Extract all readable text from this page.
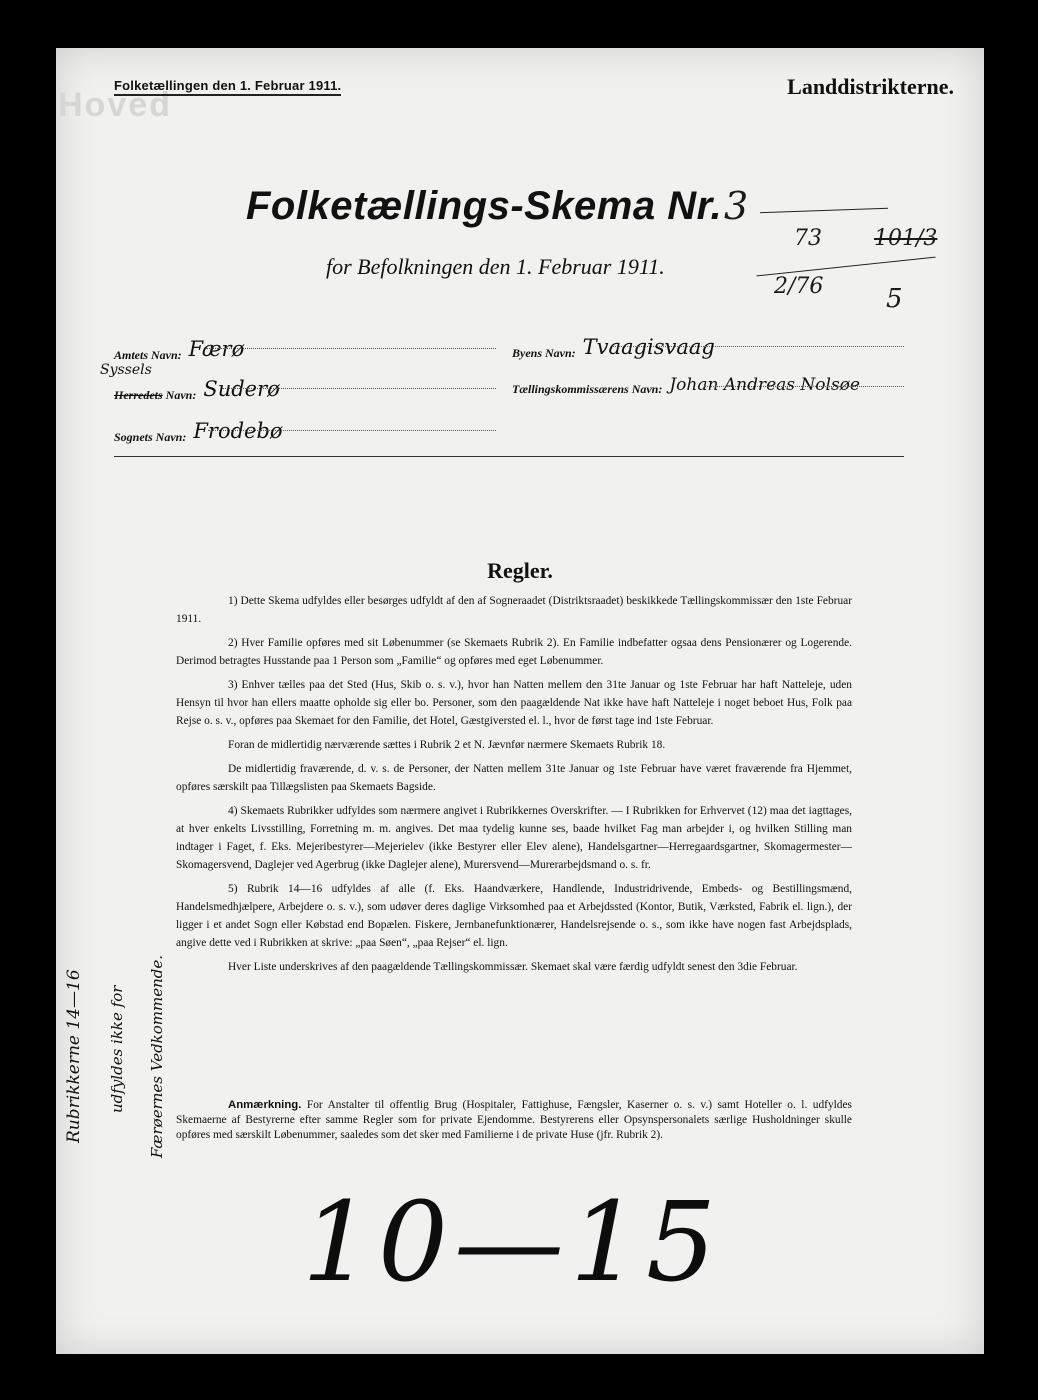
Hoved
Folketællingen den 1. Februar 1911.	Landdistrikterne.
Folketællings-Skema Nr. 3
for Befolkningen den 1. Februar 1911.
73 101/3
2/76 5
Amtets Navn: Færø	Byens Navn: Tvaagisvaag
Syssels
Herredets Navn: Suderø	Tællingskommissærens Navn: Johan Andreas Nolsøe
Sognets Navn: Frodebø
Regler.

1) Dette Skema udfyldes eller besørges udfyldt af den af Sogneraadet (Distriktsraadet) beskikkede Tællingskommissær den 1ste Februar 1911.

2) Hver Familie opføres med sit Løbenummer (se Skemaets Rubrik 2). En Familie indbefatter ogsaa dens Pensionærer og Logerende. Derimod betragtes Husstande paa 1 Person som „Familie“ og opføres med eget Løbenummer.

3) Enhver tælles paa det Sted (Hus, Skib o. s. v.), hvor han Natten mellem den 31te Januar og 1ste Februar har haft Natteleje, uden Hensyn til hvor han ellers maatte opholde sig eller bo. Personer, som den paagældende Nat ikke have haft Natteleje i noget beboet Hus, Folk paa Rejse o. s. v., opføres paa Skemaet for den Familie, det Hotel, Gæstgiversted el. l., hvor de først tage ind 1ste Februar.

Foran de midlertidig nærværende sættes i Rubrik 2 et N. Jævnfør nærmere Skemaets Rubrik 18.

De midlertidig fraværende, d. v. s. de Personer, der Natten mellem 31te Januar og 1ste Februar have været fraværende fra Hjemmet, opføres særskilt paa Tillægslisten paa Skemaets Bagside.

4) Skemaets Rubrikker udfyldes som nærmere angivet i Rubrikkernes Overskrifter. — I Rubrikken for Erhvervet (12) maa det iagttages, at hver enkelts Livsstilling, Forretning m. m. angives. Det maa tydelig kunne ses, baade hvilket Fag man arbejder i, og hvilken Stilling man indtager i Faget, f. Eks. Mejeribestyrer—Mejerielev (ikke Bestyrer eller Elev alene), Handelsgartner—Herregaardsgartner, Skomagermester—Skomagersvend, Daglejer ved Agerbrug (ikke Daglejer alene), Murersvend—Murerarbejdsmand o. s. fr.

5) Rubrik 14—16 udfyldes af alle (f. Eks. Haandværkere, Handlende, Industridrivende, Embeds- og Bestillingsmænd, Handelsmedhjælpere, Arbejdere o. s. v.), som udøver deres daglige Virksomhed paa et Arbejdssted (Kontor, Butik, Værksted, Fabrik el. lign.), der ligger i et andet Sogn eller Købstad end Bopælen. Fiskere, Jernbanefunktionærer, Handelsrejsende o. s., som ikke have nogen fast Arbejdsplads, angive dette ved i Rubrikken at skrive: „paa Søen“, „paa Rejser“ el. lign.

Hver Liste underskrives af den paagældende Tællingskommissær. Skemaet skal være færdig udfyldt senest den 3die Februar.

Anmærkning. For Anstalter til offentlig Brug (Hospitaler, Fattighuse, Fængsler, Kaserner o. s. v.) samt Hoteller o. l. udfyldes Skemaerne af Bestyrerne efter samme Regler som for private Ejendomme. Bestyrerens eller Opsynspersonalets særlige Husholdninger skulle opføres med særskilt Løbenummer, saaledes som det sker med Familierne i de private Huse (jfr. Rubrik 2).
Rubrikkerne 14—16 udfyldes ikke for Færøernes Vedkommende.
10—15
